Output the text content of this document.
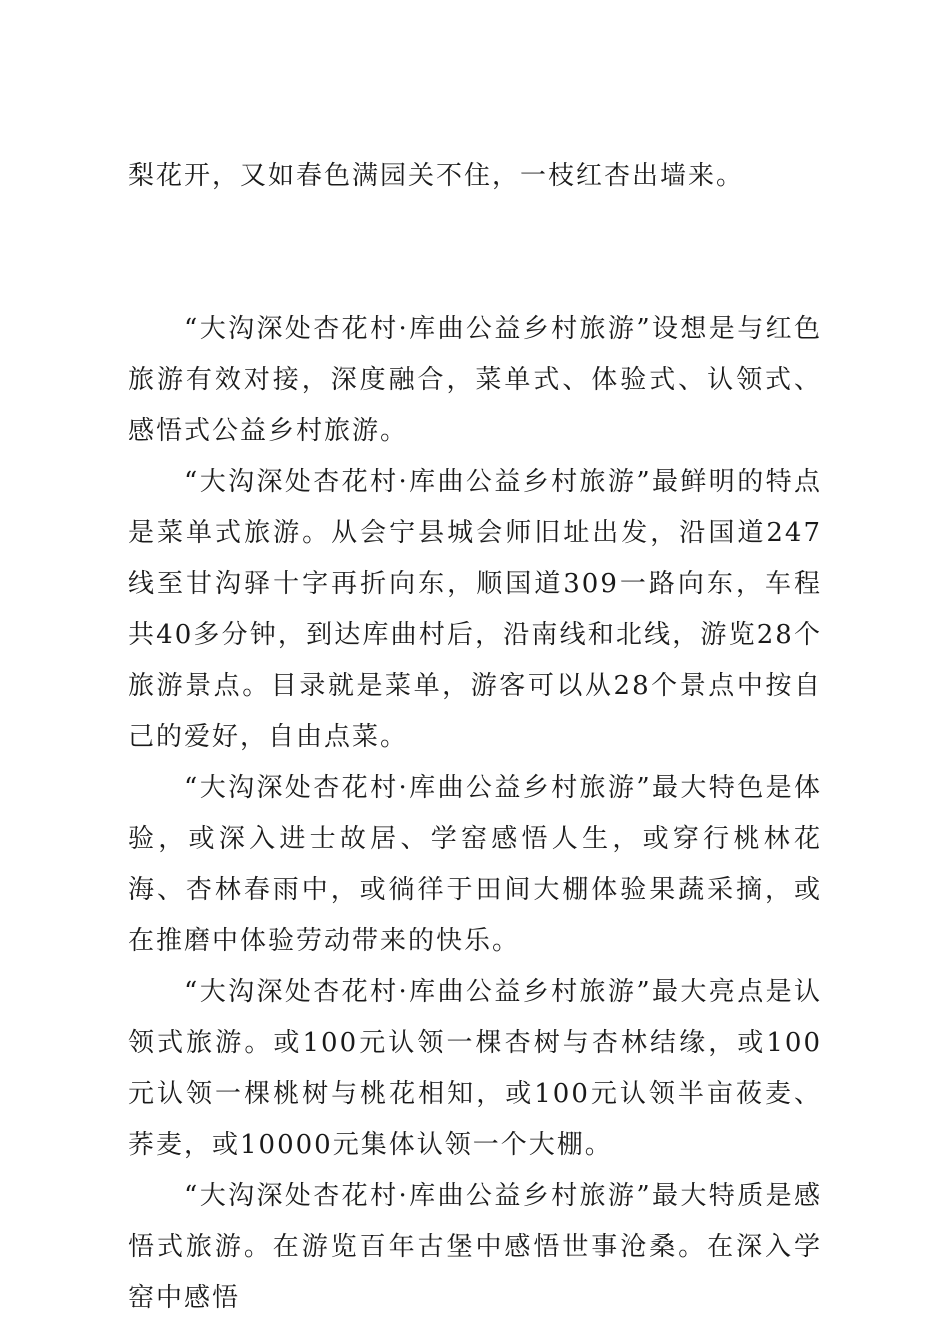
梨花开，又如春色满园关不住，一枝红杏出墙来。

“大沟深处杏花村·库曲公益乡村旅游”设想是与红色旅游有效对接，深度融合，菜单式、体验式、认领式、感悟式公益乡村旅游。

“大沟深处杏花村·库曲公益乡村旅游”最鲜明的特点是菜单式旅游。从会宁县城会师旧址出发，沿国道247线至甘沟驿十字再折向东，顺国道309一路向东，车程共40多分钟，到达库曲村后，沿南线和北线，游览28个旅游景点。目录就是菜单，游客可以从28个景点中按自己的爱好，自由点菜。

“大沟深处杏花村·库曲公益乡村旅游”最大特色是体验，或深入进士故居、学窑感悟人生，或穿行桃林花海、杏林春雨中，或徜徉于田间大棚体验果蔬采摘，或在推磨中体验劳动带来的快乐。

“大沟深处杏花村·库曲公益乡村旅游”最大亮点是认领式旅游。或100元认领一棵杏树与杏林结缘，或100元认领一棵桃树与桃花相知，或100元认领半亩莜麦、荞麦，或10000元集体认领一个大棚。

“大沟深处杏花村·库曲公益乡村旅游”最大特质是感悟式旅游。在游览百年古堡中感悟世事沧桑。在深入学窑中感悟
